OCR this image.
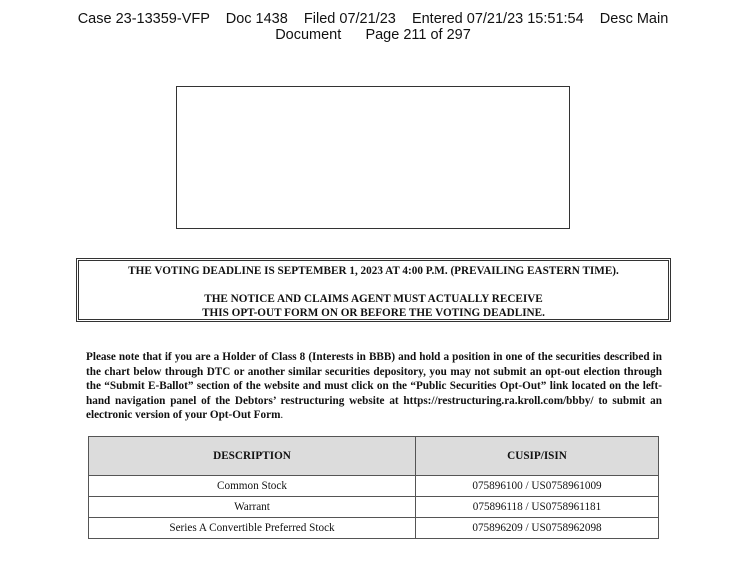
Case 23-13359-VFP    Doc 1438    Filed 07/21/23    Entered 07/21/23 15:51:54    Desc Main
Document      Page 211 of 297
THE VOTING DEADLINE IS SEPTEMBER 1, 2023 AT 4:00 P.M. (PREVAILING EASTERN TIME).
THE NOTICE AND CLAIMS AGENT MUST ACTUALLY RECEIVE
THIS OPT-OUT FORM ON OR BEFORE THE VOTING DEADLINE.
Please note that if you are a Holder of Class 8 (Interests in BBB) and hold a position in one of the securities described in the chart below through DTC or another similar securities depository, you may not submit an opt-out election through the “Submit E-Ballot” section of the website and must click on the “Public Securities Opt-Out” link located on the left-hand navigation panel of the Debtors’ restructuring website at https://restructuring.ra.kroll.com/bbby/ to submit an electronic version of your Opt-Out Form.
DESCRIPTION	CUSIP/ISIN
Common Stock	075896100 / US0758961009
Warrant	075896118 / US0758961181
Series A Convertible Preferred Stock	075896209 / US0758962098
